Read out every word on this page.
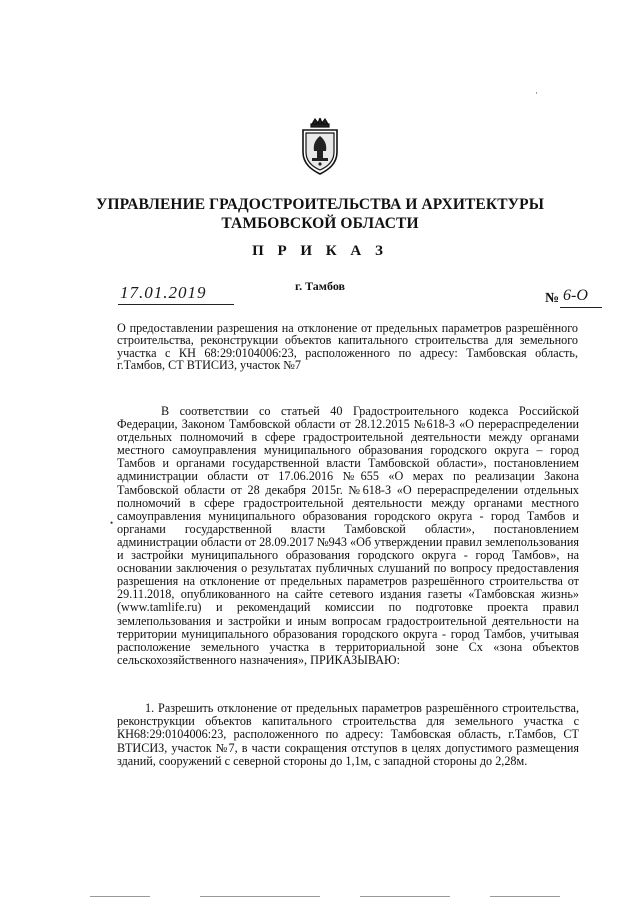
УПРАВЛЕНИЕ ГРАДОСТРОИТЕЛЬСТВА И АРХИТЕКТУРЫ
ТАМБОВСКОЙ ОБЛАСТИ
П Р И К А З
г. Тамбов
17.01.2019	№ 6-О
О предоставлении разрешения на отклонение от предельных параметров разрешённого строительства, реконструкции объектов капитального строительства для земельного участка с КН 68:29:0104006:23, расположенного по адресу: Тамбовская область, г.Тамбов, СТ ВТИСИЗ, участок №7
В соответствии со статьей 40 Градостроительного кодекса Российской Федерации, Законом Тамбовской области от 28.12.2015 №618-З «О перераспределении отдельных полномочий в сфере градостроительной деятельности между органами местного самоуправления муниципального образования городского округа – город Тамбов и органами государственной власти Тамбовской области», постановлением администрации области от 17.06.2016 №655 «О мерах по реализации Закона Тамбовской области от 28 декабря 2015г. №618-З «О перераспределении отдельных полномочий в сфере градостроительной деятельности между органами местного самоуправления муниципального образования городского округа - город Тамбов и органами государственной власти Тамбовской области», постановлением администрации области от 28.09.2017 №943 «Об утверждении правил землепользования и застройки муниципального образования городского округа - город Тамбов», на основании заключения о результатах публичных слушаний по вопросу предоставления разрешения на отклонение от предельных параметров разрешённого строительства от 29.11.2018, опубликованного на сайте сетевого издания газеты «Тамбовская жизнь» (www.tamlife.ru) и рекомендаций комиссии по подготовке проекта правил землепользования и застройки и иным вопросам градостроительной деятельности на территории муниципального образования городского округа - город Тамбов, учитывая расположение земельного участка в территориальной зоне Сх «зона объектов сельскохозяйственного назначения», ПРИКАЗЫВАЮ:
1. Разрешить отклонение от предельных параметров разрешённого строительства, реконструкции объектов капитального строительства для земельного участка с КН68:29:0104006:23, расположенного по адресу: Тамбовская область, г.Тамбов, СТ ВТИСИЗ, участок №7, в части сокращения отступов в целях допустимого размещения зданий, сооружений с северной стороны до 1,1м, с западной стороны до 2,28м.
·
•
